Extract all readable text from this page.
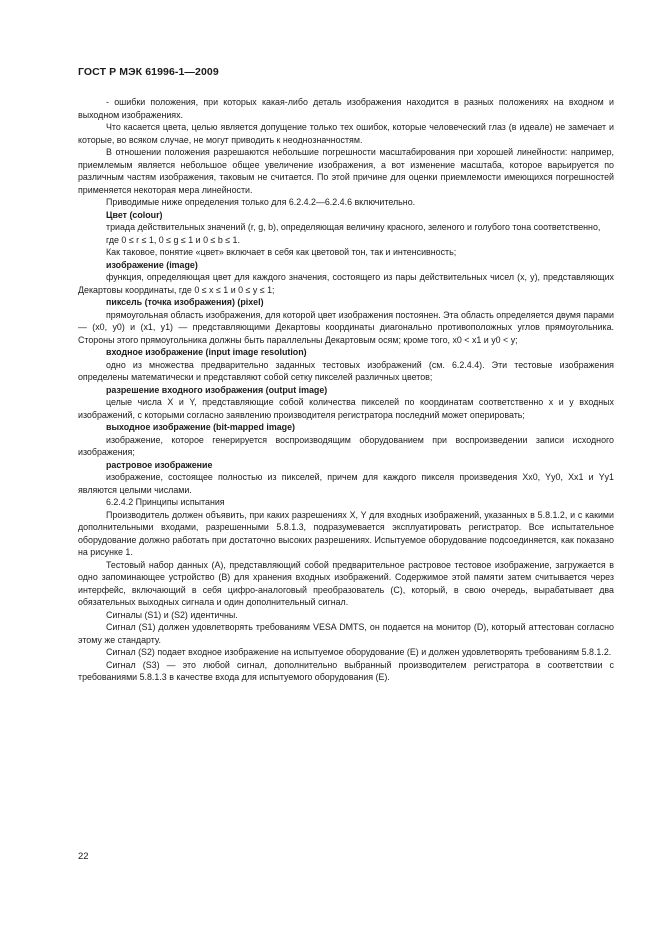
ГОСТ Р МЭК 61996-1—2009

- ошибки положения, при которых какая-либо деталь изображения находится в разных положениях на входном и выходном изображениях.

Что касается цвета, целью является допущение только тех ошибок, которые человеческий глаз (в идеале) не замечает и которые, во всяком случае, не могут приводить к неоднозначностям.

В отношении положения разрешаются небольшие погрешности масштабирования при хорошей линейности: например, приемлемым является небольшое общее увеличение изображения, а вот изменение масштаба, которое варьируется по различным частям изображения, таковым не считается. По этой причине для оценки приемлемости имеющихся погрешностей применяется некоторая мера линейности.

Приводимые ниже определения только для 6.2.4.2—6.2.4.6 включительно.

Цвет (colour)

триада действительных значений (r, g, b), определяющая величину красного, зеленого и голубого тона соответственно,

где 0 ≤ r ≤ 1, 0 ≤ g ≤ 1 и 0 ≤ b ≤ 1.

Как таковое, понятие «цвет» включает в себя как цветовой тон, так и интенсивность;

изображение (image)

функция, определяющая цвет для каждого значения, состоящего из пары действительных чисел (x, y), представляющих Декартовы координаты, где 0 ≤ x ≤ 1 и 0 ≤ y ≤ 1;

пиксель (точка изображения) (pixel)

прямоугольная область изображения, для которой цвет изображения постоянен. Эта область определяется двумя парами — (x0, y0) и (x1, y1) — представляющими Декартовы координаты диагонально противоположных углов прямоугольника. Стороны этого прямоугольника должны быть параллельны Декартовым осям; кроме того, x0 < x1 и y0 < y;

входное изображение (input image resolution)

одно из множества предварительно заданных тестовых изображений (см. 6.2.4.4). Эти тестовые изображения определены математически и представляют собой сетку пикселей различных цветов;

разрешение входного изображения (output image)

целые числа X и Y, представляющие собой количества пикселей по координатам соответственно x и y входных изображений, с которыми согласно заявлению производителя регистратора последний может оперировать;

выходное изображение (bit-mapped image)

изображение, которое генерируется воспроизводящим оборудованием при воспроизведении записи исходного изображения;

растровое изображение

изображение, состоящее полностью из пикселей, причем для каждого пикселя произведения Xx0, Yy0, Xx1 и Yy1 являются целыми числами.

6.2.4.2 Принципы испытания

Производитель должен объявить, при каких разрешениях X, Y для входных изображений, указанных в 5.8.1.2, и с какими дополнительными входами, разрешенными 5.8.1.3, подразумевается эксплуатировать регистратор. Все испытательное оборудование должно работать при достаточно высоких разрешениях. Испытуемое оборудование подсоединяется, как показано на рисунке 1.

Тестовый набор данных (A), представляющий собой предварительное растровое тестовое изображение, загружается в одно запоминающее устройство (B) для хранения входных изображений. Содержимое этой памяти затем считывается через интерфейс, включающий в себя цифро-аналоговый преобразователь (C), который, в свою очередь, вырабатывает два обязательных выходных сигнала и один дополнительный сигнал.

Сигналы (S1) и (S2) идентичны.

Сигнал (S1) должен удовлетворять требованиям VESA DMTS, он подается на монитор (D), который аттестован согласно этому же стандарту.

Сигнал (S2) подает входное изображение на испытуемое оборудование (E) и должен удовлетворять требованиям 5.8.1.2.

Сигнал (S3) — это любой сигнал, дополнительно выбранный производителем регистратора в соответствии с требованиями 5.8.1.3 в качестве входа для испытуемого оборудования (E).

22
